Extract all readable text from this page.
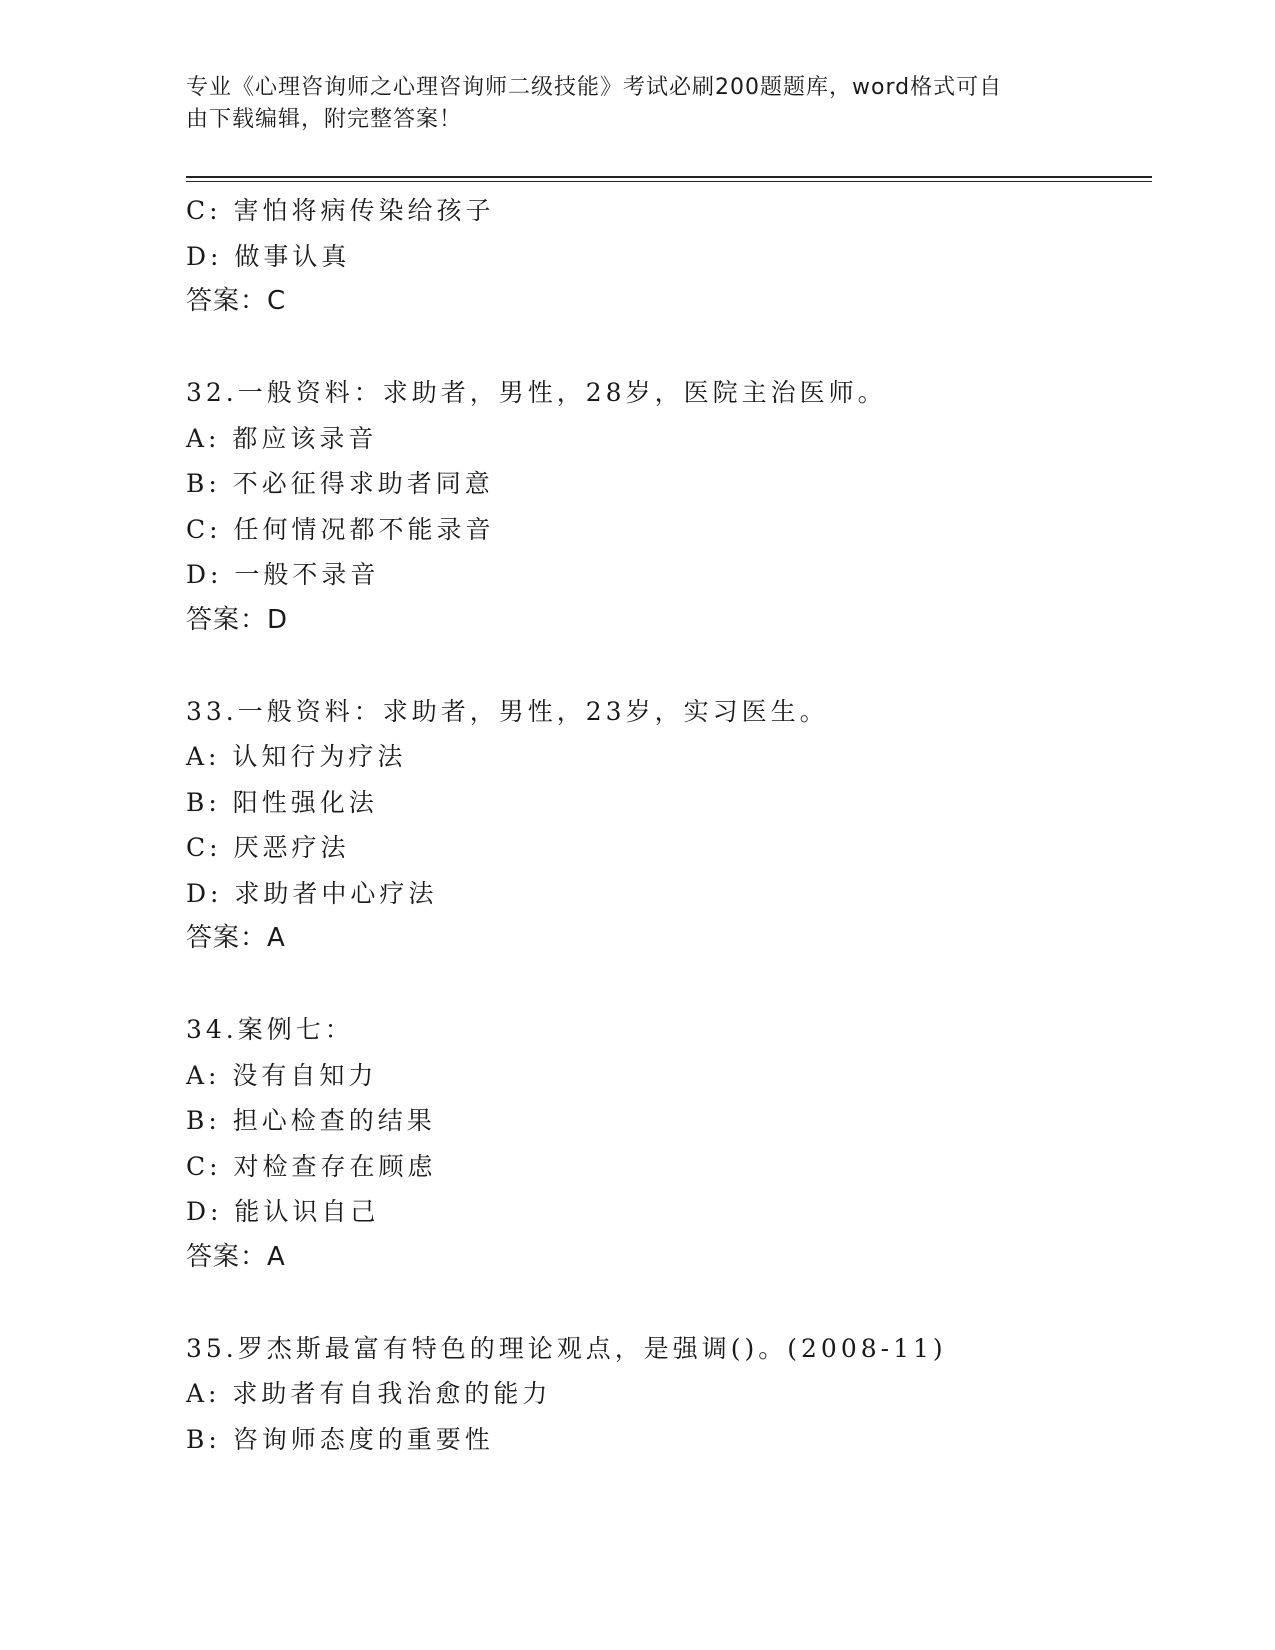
专业《心理咨询师之心理咨询师二级技能》考试必刷200题题库，word格式可自
由下载编辑，附完整答案！
C: 害怕将病传染给孩子
D: 做事认真
答案：C
32.一般资料：求助者，男性，28岁，医院主治医师。
A: 都应该录音
B: 不必征得求助者同意
C: 任何情况都不能录音
D: 一般不录音
答案：D
33.一般资料：求助者，男性，23岁，实习医生。
A: 认知行为疗法
B: 阳性强化法
C: 厌恶疗法
D: 求助者中心疗法
答案：A
34.案例七：
A: 没有自知力
B: 担心检查的结果
C: 对检查存在顾虑
D: 能认识自己
答案：A
35.罗杰斯最富有特色的理论观点，是强调()。(2008-11)
A: 求助者有自我治愈的能力
B: 咨询师态度的重要性
